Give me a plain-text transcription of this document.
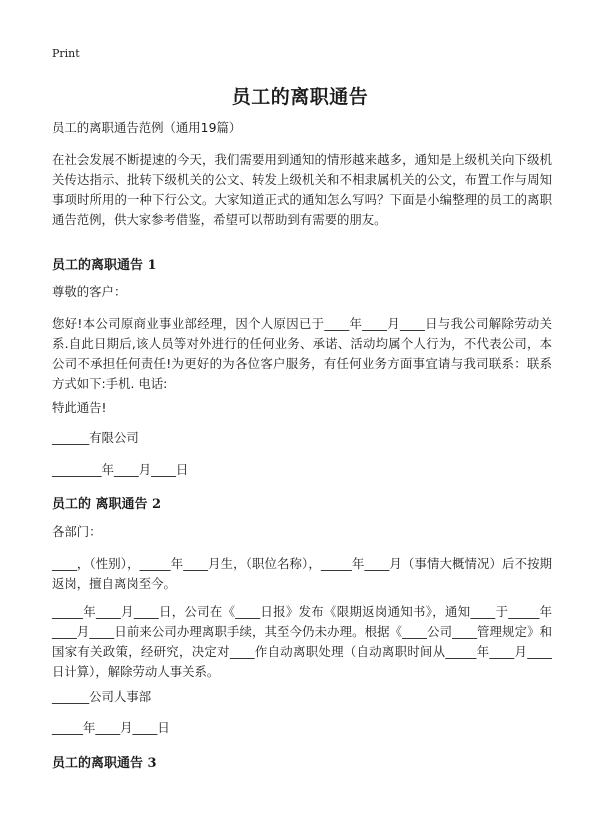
Print
员工的离职通告
员工的离职通告范例（通用19篇）
在社会发展不断提速的今天，我们需要用到通知的情形越来越多，通知是上级机关向下级机关传达指示、批转下级机关的公文、转发上级机关和不相隶属机关的公文，布置工作与周知事项时所用的一种下行公文。大家知道正式的通知怎么写吗？下面是小编整理的员工的离职通告范例，供大家参考借鉴，希望可以帮助到有需要的朋友。
员工的离职通告 1
尊敬的客户：
您好!本公司原商业事业部经理，因个人原因已于____年____月____日与我公司解除劳动关系.自此日期后,该人员等对外进行的任何业务、承诺、活动均属个人行为，不代表公司，本公司不承担任何责任!为更好的为各位客户服务，有任何业务方面事宜请与我司联系：联系方式如下:手机. 电话:
特此通告!
______有限公司
________年____月____日
员工的 离职通告 2
各部门：
____，（性别），_____年____月生，（职位名称），_____年____月（事情大概情况）后不按期返岗，擅自离岗至今。
_____年____月____日，公司在《____日报》发布《限期返岗通知书》，通知____于_____年____月____日前来公司办理离职手续，其至今仍未办理。根据《____公司____管理规定》和国家有关政策，经研究，决定对____作自动离职处理（自动离职时间从_____年____月____日计算），解除劳动人事关系。
______公司人事部
_____年____月____日
员工的离职通告 3
